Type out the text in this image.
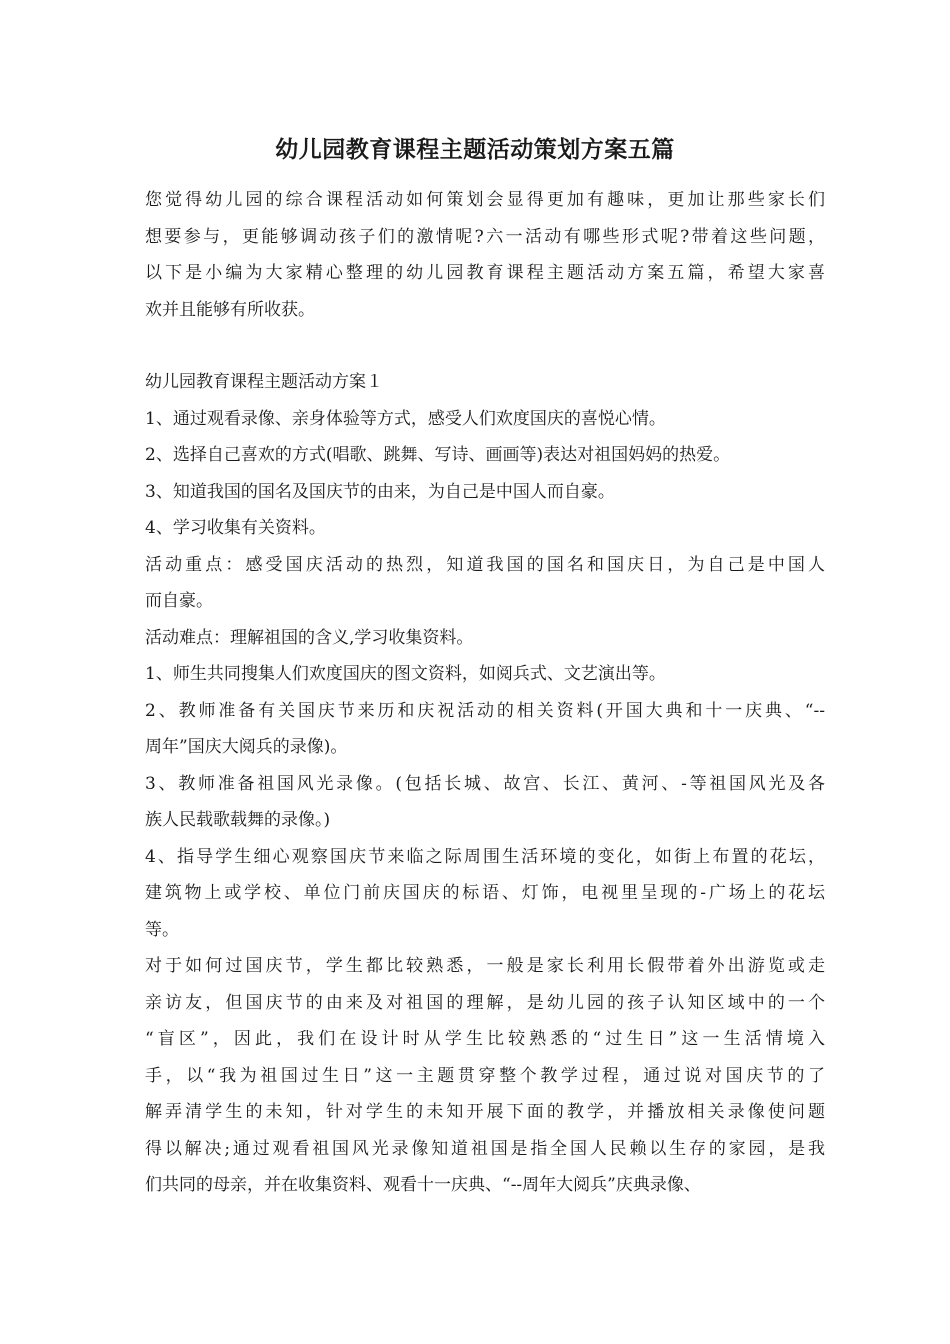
幼儿园教育课程主题活动策划方案五篇

您觉得幼儿园的综合课程活动如何策划会显得更加有趣味，更加让那些家长们
想要参与，更能够调动孩子们的激情呢?六一活动有哪些形式呢?带着这些问题，
以下是小编为大家精心整理的幼儿园教育课程主题活动方案五篇，希望大家喜
欢并且能够有所收获。

幼儿园教育课程主题活动方案１

1、通过观看录像、亲身体验等方式，感受人们欢度国庆的喜悦心情。

2、选择自己喜欢的方式(唱歌、跳舞、写诗、画画等)表达对祖国妈妈的热爱。

3、知道我国的国名及国庆节的由来，为自己是中国人而自豪。

4、学习收集有关资料。

活动重点：感受国庆活动的热烈，知道我国的国名和国庆日，为自己是中国人
而自豪。

活动难点：理解祖国的含义,学习收集资料。

1、师生共同搜集人们欢度国庆的图文资料，如阅兵式、文艺演出等。

2、教师准备有关国庆节来历和庆祝活动的相关资料(开国大典和十一庆典、“--
周年”国庆大阅兵的录像)。

3、教师准备祖国风光录像。(包括长城、故宫、长江、黄河、-等祖国风光及各
族人民载歌载舞的录像。)

4、指导学生细心观察国庆节来临之际周围生活环境的变化，如街上布置的花坛，
建筑物上或学校、单位门前庆国庆的标语、灯饰，电视里呈现的-广场上的花坛
等。

对于如何过国庆节，学生都比较熟悉，一般是家长利用长假带着外出游览或走
亲访友，但国庆节的由来及对祖国的理解，是幼儿园的孩子认知区域中的一个
“盲区”，因此，我们在设计时从学生比较熟悉的“过生日”这一生活情境入
手，以“我为祖国过生日”这一主题贯穿整个教学过程，通过说对国庆节的了
解弄清学生的未知，针对学生的未知开展下面的教学，并播放相关录像使问题
得以解决;通过观看祖国风光录像知道祖国是指全国人民赖以生存的家园，是我
们共同的母亲，并在收集资料、观看十一庆典、“--周年大阅兵”庆典录像、
